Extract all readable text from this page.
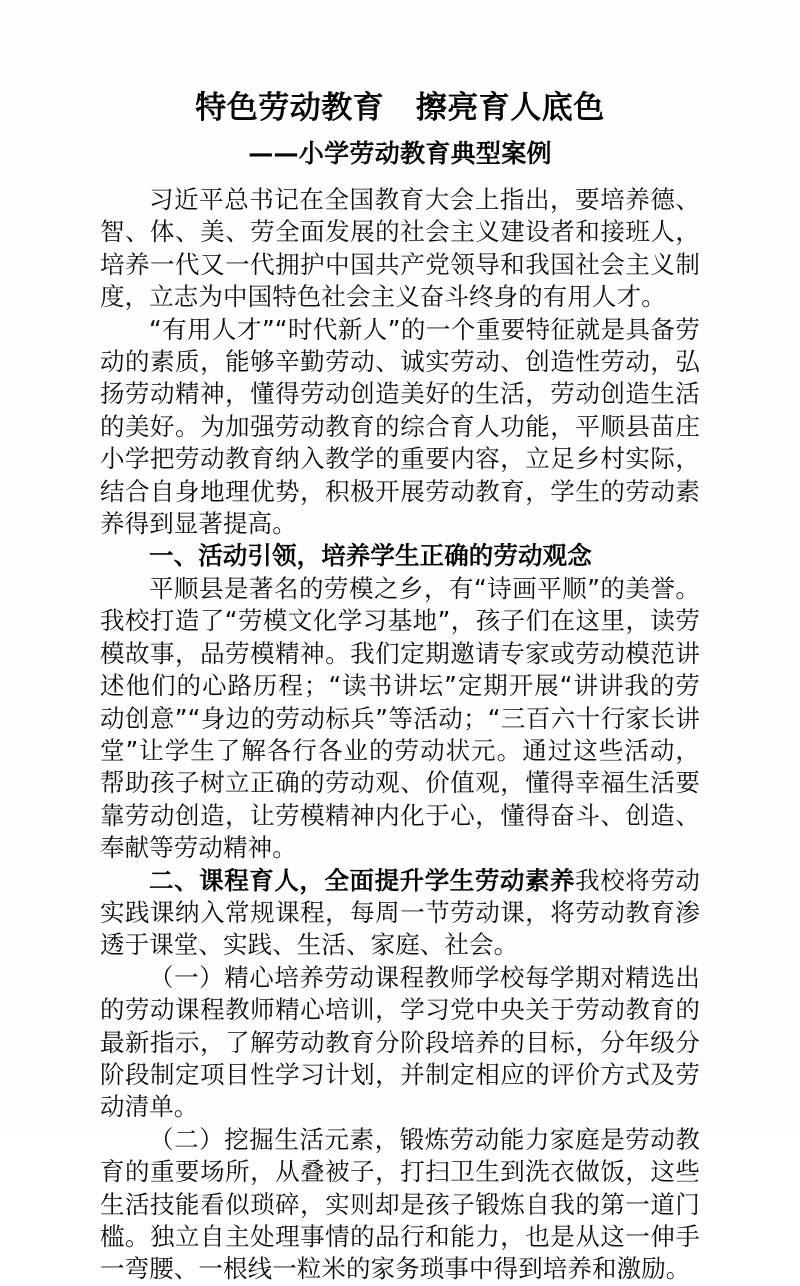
特色劳动教育　擦亮育人底色
——小学劳动教育典型案例

习近平总书记在全国教育大会上指出，要培养德、智、体、美、劳全面发展的社会主义建设者和接班人，培养一代又一代拥护中国共产党领导和我国社会主义制度，立志为中国特色社会主义奋斗终身的有用人才。

“有用人才”“时代新人”的一个重要特征就是具备劳动的素质，能够辛勤劳动、诚实劳动、创造性劳动，弘扬劳动精神，懂得劳动创造美好的生活，劳动创造生活的美好。为加强劳动教育的综合育人功能，平顺县苗庄小学把劳动教育纳入教学的重要内容，立足乡村实际，结合自身地理优势，积极开展劳动教育，学生的劳动素养得到显著提高。

一、活动引领，培养学生正确的劳动观念

平顺县是著名的劳模之乡，有“诗画平顺”的美誉。我校打造了“劳模文化学习基地”，孩子们在这里，读劳模故事，品劳模精神。我们定期邀请专家或劳动模范讲述他们的心路历程；“读书讲坛”定期开展“讲讲我的劳动创意”“身边的劳动标兵”等活动；“三百六十行家长讲堂”让学生了解各行各业的劳动状元。通过这些活动，帮助孩子树立正确的劳动观、价值观，懂得幸福生活要靠劳动创造，让劳模精神内化于心，懂得奋斗、创造、奉献等劳动精神。

二、课程育人，全面提升学生劳动素养我校将劳动实践课纳入常规课程，每周一节劳动课，将劳动教育渗透于课堂、实践、生活、家庭、社会。

（一）精心培养劳动课程教师学校每学期对精选出的劳动课程教师精心培训，学习党中央关于劳动教育的最新指示，了解劳动教育分阶段培养的目标，分年级分阶段制定项目性学习计划，并制定相应的评价方式及劳动清单。

（二）挖掘生活元素，锻炼劳动能力家庭是劳动教育的重要场所，从叠被子，打扫卫生到洗衣做饭，这些生活技能看似琐碎，实则却是孩子锻炼自我的第一道门槛。独立自主处理事情的品行和能力，也是从这一伸手一弯腰、一根线一粒米的家务琐事中得到培养和激励。
